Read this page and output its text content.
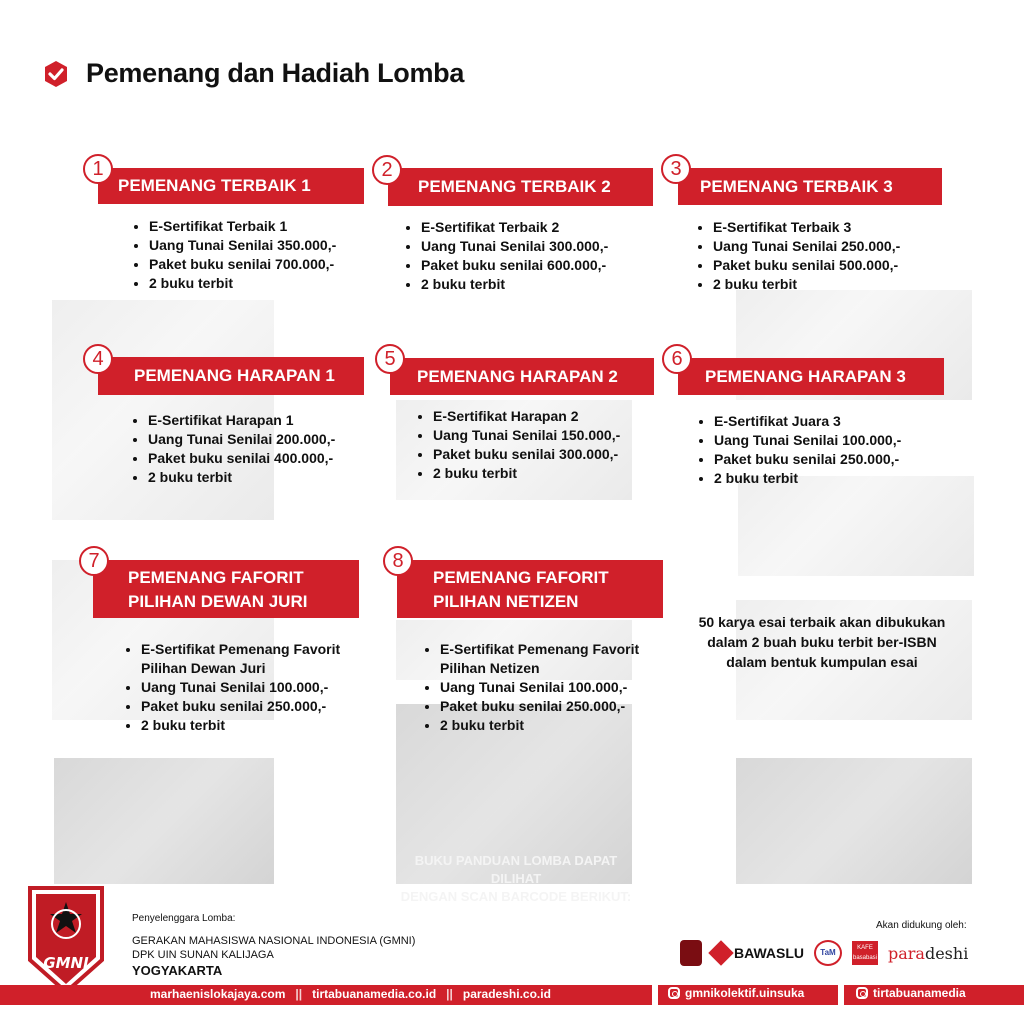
Pemenang dan Hadiah Lomba
1
PEMENANG TERBAIK 1
• E-Sertifikat Terbaik 1
• Uang Tunai Senilai 350.000,-
• Paket buku senilai 700.000,-
• 2 buku terbit
2
PEMENANG TERBAIK 2
• E-Sertifikat Terbaik 2
• Uang Tunai Senilai 300.000,-
• Paket buku senilai 600.000,-
• 2 buku terbit
3
PEMENANG TERBAIK 3
• E-Sertifikat Terbaik 3
• Uang Tunai Senilai 250.000,-
• Paket buku senilai 500.000,-
• 2 buku terbit
4
PEMENANG HARAPAN 1
• E-Sertifikat Harapan 1
• Uang Tunai Senilai 200.000,-
• Paket buku senilai 400.000,-
• 2 buku terbit
5
PEMENANG HARAPAN 2
• E-Sertifikat Harapan 2
• Uang Tunai Senilai 150.000,-
• Paket buku senilai 300.000,-
• 2 buku terbit
6
PEMENANG HARAPAN 3
• E-Sertifikat Juara 3
• Uang Tunai Senilai 100.000,-
• Paket buku senilai 250.000,-
• 2 buku terbit
7
PEMENANG FAFORIT
PILIHAN DEWAN JURI
• E-Sertifikat Pemenang Favorit
Pilihan Dewan Juri
• Uang Tunai Senilai 100.000,-
• Paket buku senilai 250.000,-
• 2 buku terbit
8
PEMENANG FAFORIT
PILIHAN NETIZEN
• E-Sertifikat Pemenang Favorit
Pilihan Netizen
• Uang Tunai Senilai 100.000,-
• Paket buku senilai 250.000,-
• 2 buku terbit
50 karya esai terbaik akan dibukukan
dalam 2 buah buku terbit ber-ISBN
dalam bentuk kumpulan esai
BUKU PANDUAN LOMBA DAPAT DILIHAT
DENGAN SCAN BARCODE BERIKUT:
GMNI
Penyelenggara Lomba:
GERAKAN MAHASISWA NASIONAL INDONESIA (GMNI)
DPK UIN SUNAN KALIJAGA
YOGYAKARTA
Akan didukung oleh:
BAWASLU	TaM	KAFE basabasi paradeshi
marhaenislokajaya.com || tirtabuanamedia.co.id || paradeshi.co.id	gmnikolektif.uinsuka	tirtabuanamedia
